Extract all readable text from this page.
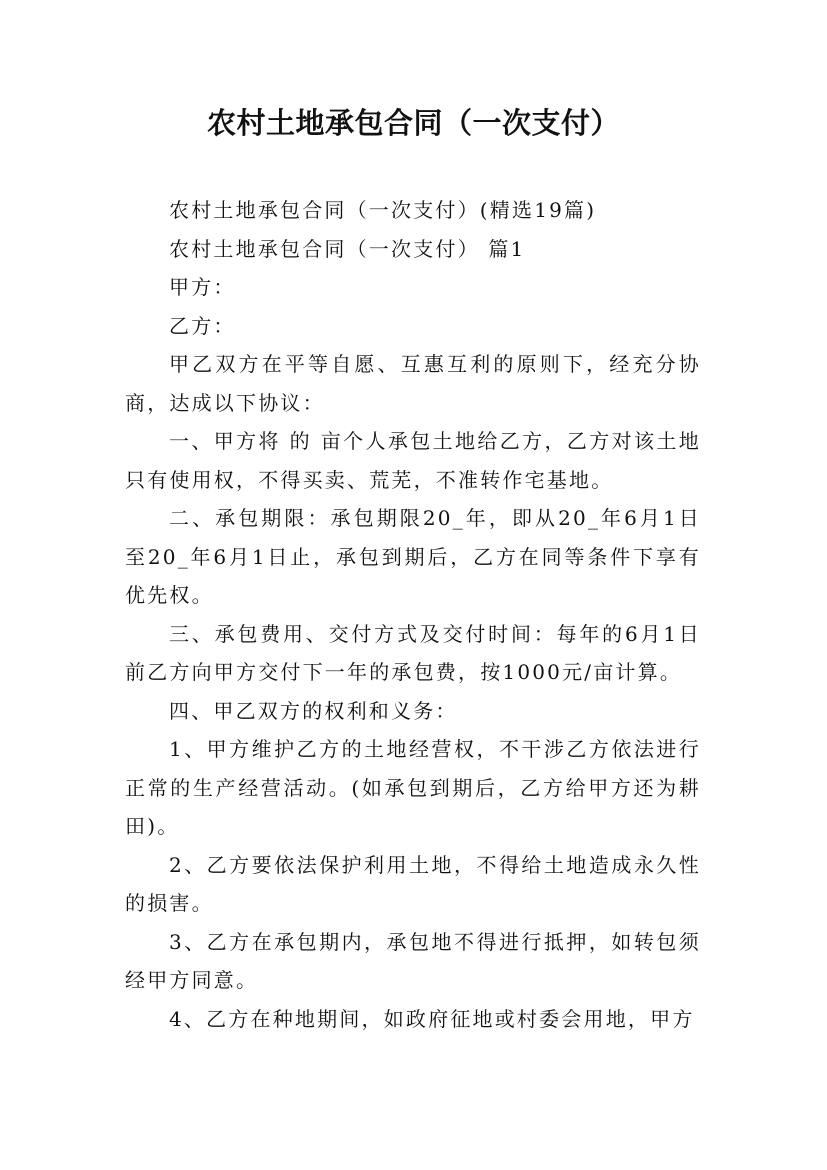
农村土地承包合同（一次支付）

农村土地承包合同（一次支付）(精选19篇)

农村土地承包合同（一次支付） 篇1

甲方：

乙方：

甲乙双方在平等自愿、互惠互利的原则下，经充分协商，达成以下协议：

一、甲方将 的 亩个人承包土地给乙方，乙方对该土地只有使用权，不得买卖、荒芜，不准转作宅基地。

二、承包期限：承包期限20_年，即从20_年6月1日至20_年6月1日止，承包到期后，乙方在同等条件下享有优先权。

三、承包费用、交付方式及交付时间：每年的6月1日前乙方向甲方交付下一年的承包费，按1000元/亩计算。

四、甲乙双方的权利和义务：

1、甲方维护乙方的土地经营权，不干涉乙方依法进行正常的生产经营活动。(如承包到期后，乙方给甲方还为耕田)。

2、乙方要依法保护利用土地，不得给土地造成永久性的损害。

3、乙方在承包期内，承包地不得进行抵押，如转包须经甲方同意。

4、乙方在种地期间，如政府征地或村委会用地，甲方
